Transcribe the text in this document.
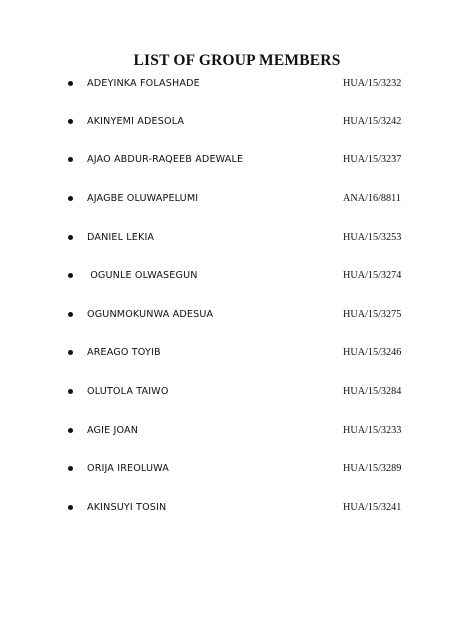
LIST OF GROUP MEMBERS
ADEYINKA FOLASHADE	HUA/15/3232
AKINYEMI ADESOLA	HUA/15/3242
AJAO ABDUR-RAQEEB ADEWALE	HUA/15/3237
AJAGBE OLUWAPELUMI	ANA/16/8811
DANIEL LEKIA	HUA/15/3253
OGUNLE OLWASEGUN	HUA/15/3274
OGUNMOKUNWA ADESUA	HUA/15/3275
AREAGO TOYIB	HUA/15/3246
OLUTOLA TAIWO	HUA/15/3284
AGIE JOAN	HUA/15/3233
ORIJA IREOLUWA	HUA/15/3289
AKINSUYI TOSIN	HUA/15/3241
